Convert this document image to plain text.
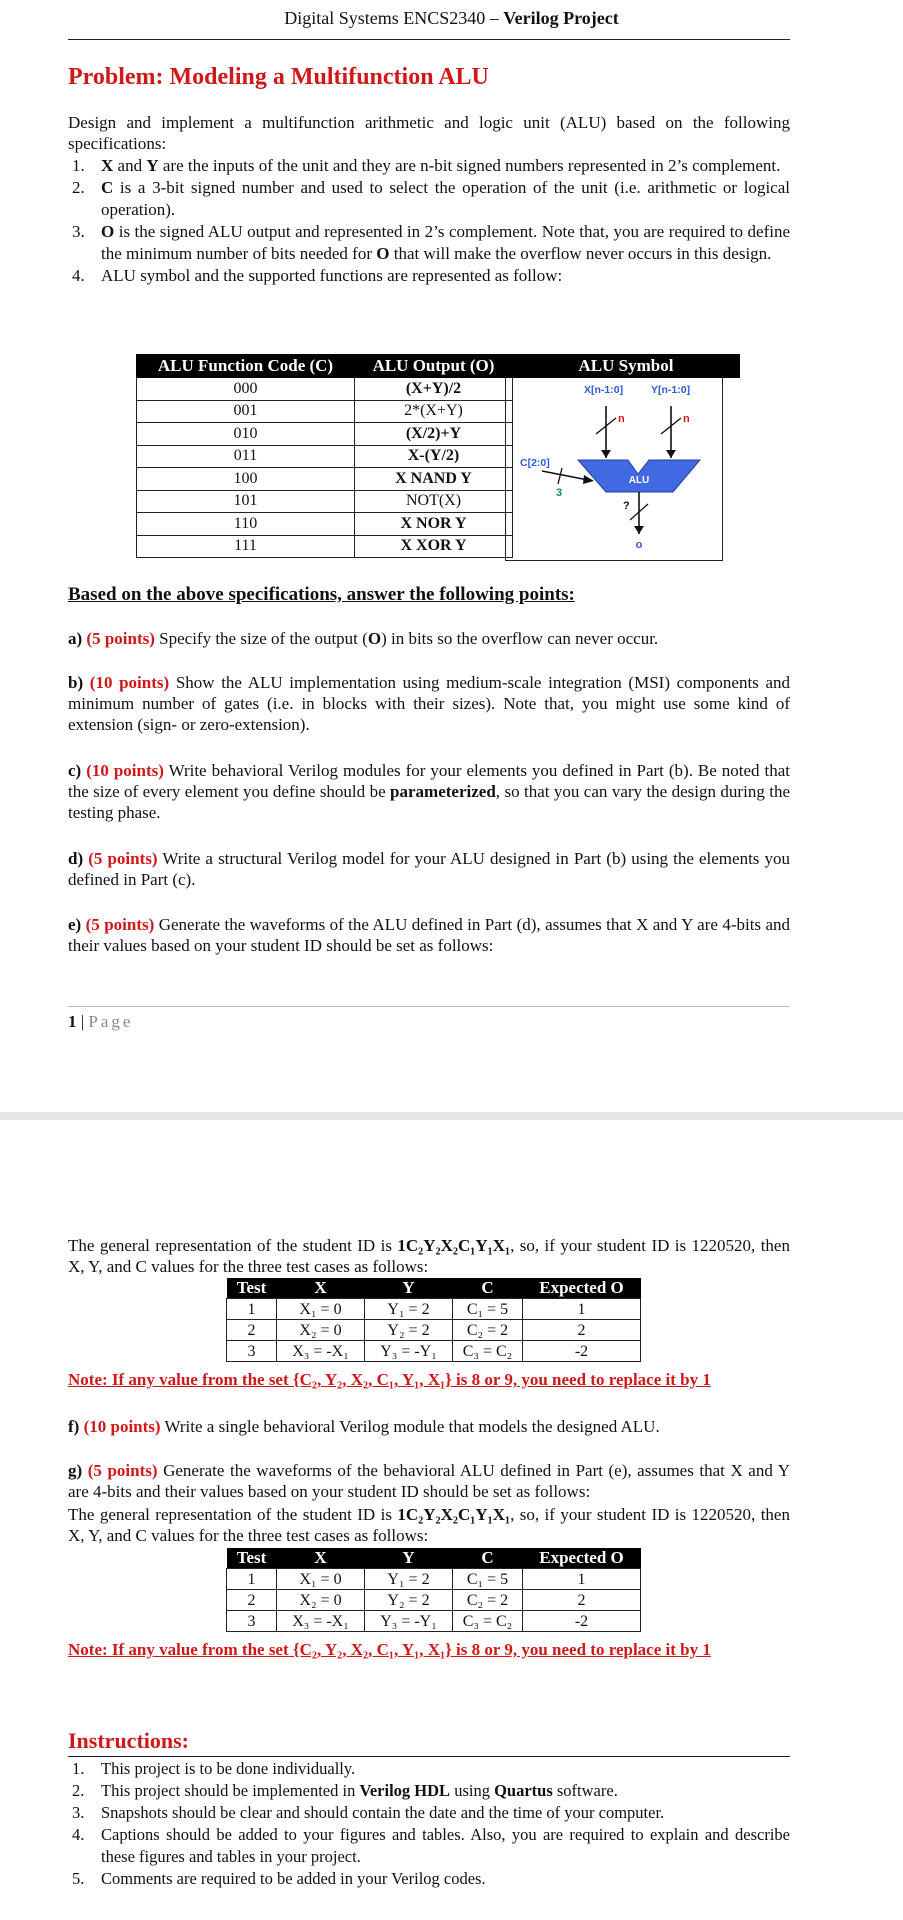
Digital Systems ENCS2340 – Verilog Project
Problem: Modeling a Multifunction ALU
Design and implement a multifunction arithmetic and logic unit (ALU) based on the following specifications:
1. X and Y are the inputs of the unit and they are n-bit signed numbers represented in 2’s complement.
2. C is a 3-bit signed number and used to select the operation of the unit (i.e. arithmetic or logical operation).
3. O is the signed ALU output and represented in 2’s complement. Note that, you are required to define the minimum number of bits needed for O that will make the overflow never occurs in this design.
4. ALU symbol and the supported functions are represented as follow:
ALU Function Code (C)	ALU Output (O)	ALU Symbol
000	(X+Y)/2	
001	2*(X+Y)	
010	(X/2)+Y	
011	X-(Y/2)	
100	X NAND Y	
101	NOT(X)	
110	X NOR Y	
111	X XOR Y	
X[n-1:0]	Y[n-1:0]
n	n
ALU
C[2:0]
3
?
o
Based on the above specifications, answer the following points:
a) (5 points) Specify the size of the output (O) in bits so the overflow can never occur.
b) (10 points) Show the ALU implementation using medium-scale integration (MSI) components and minimum number of gates (i.e. in blocks with their sizes). Note that, you might use some kind of extension (sign- or zero-extension).
c) (10 points) Write behavioral Verilog modules for your elements you defined in Part (b). Be noted that the size of every element you define should be parameterized, so that you can vary the design during the testing phase.
d) (5 points) Write a structural Verilog model for your ALU designed in Part (b) using the elements you defined in Part (c).
e) (5 points) Generate the waveforms of the ALU defined in Part (d), assumes that X and Y are 4-bits and their values based on your student ID should be set as follows:
1 | Page
The general representation of the student ID is 1C₂Y₂X₂C₁Y₁X₁, so, if your student ID is 1220520, then X, Y, and C values for the three test cases as follows:
Test	X	Y	C	Expected O
1	X₁ = 0	Y₁ = 2	C₁ = 5	1
2	X₂ = 0	Y₂ = 2	C₂ = 2	2
3	X₃ = -X₁	Y₃ = -Y₁	C₃ = C₂	-2
Note: If any value from the set {C₂, Y₂, X₂, C₁, Y₁, X₁} is 8 or 9, you need to replace it by 1
f) (10 points) Write a single behavioral Verilog module that models the designed ALU.
g) (5 points) Generate the waveforms of the behavioral ALU defined in Part (e), assumes that X and Y are 4-bits and their values based on your student ID should be set as follows:
The general representation of the student ID is 1C₂Y₂X₂C₁Y₁X₁, so, if your student ID is 1220520, then X, Y, and C values for the three test cases as follows:
Test	X	Y	C	Expected O
1	X₁ = 0	Y₁ = 2	C₁ = 5	1
2	X₂ = 0	Y₂ = 2	C₂ = 2	2
3	X₃ = -X₁	Y₃ = -Y₁	C₃ = C₂	-2
Note: If any value from the set {C₂, Y₂, X₂, C₁, Y₁, X₁} is 8 or 9, you need to replace it by 1
Instructions:
1. This project is to be done individually.
2. This project should be implemented in Verilog HDL using Quartus software.
3. Snapshots should be clear and should contain the date and the time of your computer.
4. Captions should be added to your figures and tables. Also, you are required to explain and describe these figures and tables in your project.
5. Comments are required to be added in your Verilog codes.
